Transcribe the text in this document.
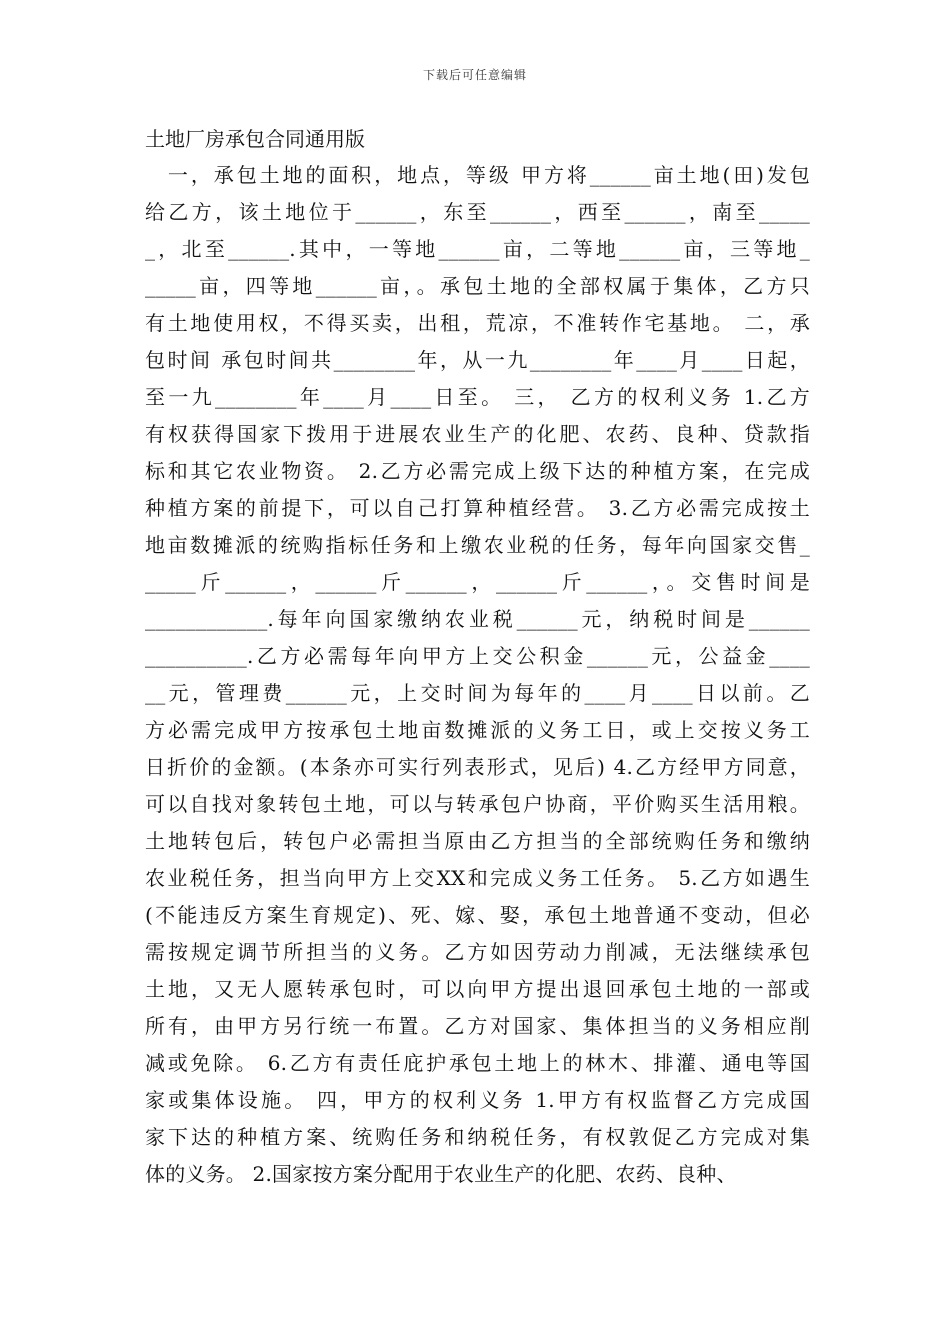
下载后可任意编辑
土地厂房承包合同通用版
　一，承包土地的面积，地点，等级 甲方将______亩土地(田)发包
给乙方，该土地位于______，东至______，西至______，南至_____
_，北至______.其中，一等地______亩，二等地______亩，三等地_
_____亩，四等地______亩，。承包土地的全部权属于集体，乙方只
有土地使用权，不得买卖，出租，荒凉，不准转作宅基地。 二，承
包时间 承包时间共________年，从一九________年____月____日起，
至一九________年____月____日至。 三， 乙方的权利义务 1.乙方
有权获得国家下拨用于进展农业生产的化肥、农药、良种、贷款指
标和其它农业物资。 2.乙方必需完成上级下达的种植方案，在完成
种植方案的前提下，可以自己打算种植经营。 3.乙方必需完成按土
地亩数摊派的统购指标任务和上缴农业税的任务，每年向国家交售_
_____斤______，______斤______，______斤______，。交售时间是
____________.每年向国家缴纳农业税______元，纳税时间是______
__________.乙方必需每年向甲方上交公积金______元，公益金____
__元，管理费______元，上交时间为每年的____月____日以前。乙
方必需完成甲方按承包土地亩数摊派的义务工日，或上交按义务工
日折价的金额。(本条亦可实行列表形式，见后) 4.乙方经甲方同意，
可以自找对象转包土地，可以与转承包户协商，平价购买生活用粮。
土地转包后，转包户必需担当原由乙方担当的全部统购任务和缴纳
农业税任务，担当向甲方上交XX和完成义务工任务。 5.乙方如遇生
(不能违反方案生育规定)、死、嫁、娶，承包土地普通不变动，但必
需按规定调节所担当的义务。乙方如因劳动力削减，无法继续承包
土地，又无人愿转承包时，可以向甲方提出退回承包土地的一部或
所有，由甲方另行统一布置。乙方对国家、集体担当的义务相应削
减或免除。 6.乙方有责任庇护承包土地上的林木、排灌、通电等国
家或集体设施。 四，甲方的权利义务 1.甲方有权监督乙方完成国
家下达的种植方案、统购任务和纳税任务，有权敦促乙方完成对集
体的义务。 2.国家按方案分配用于农业生产的化肥、农药、良种、
